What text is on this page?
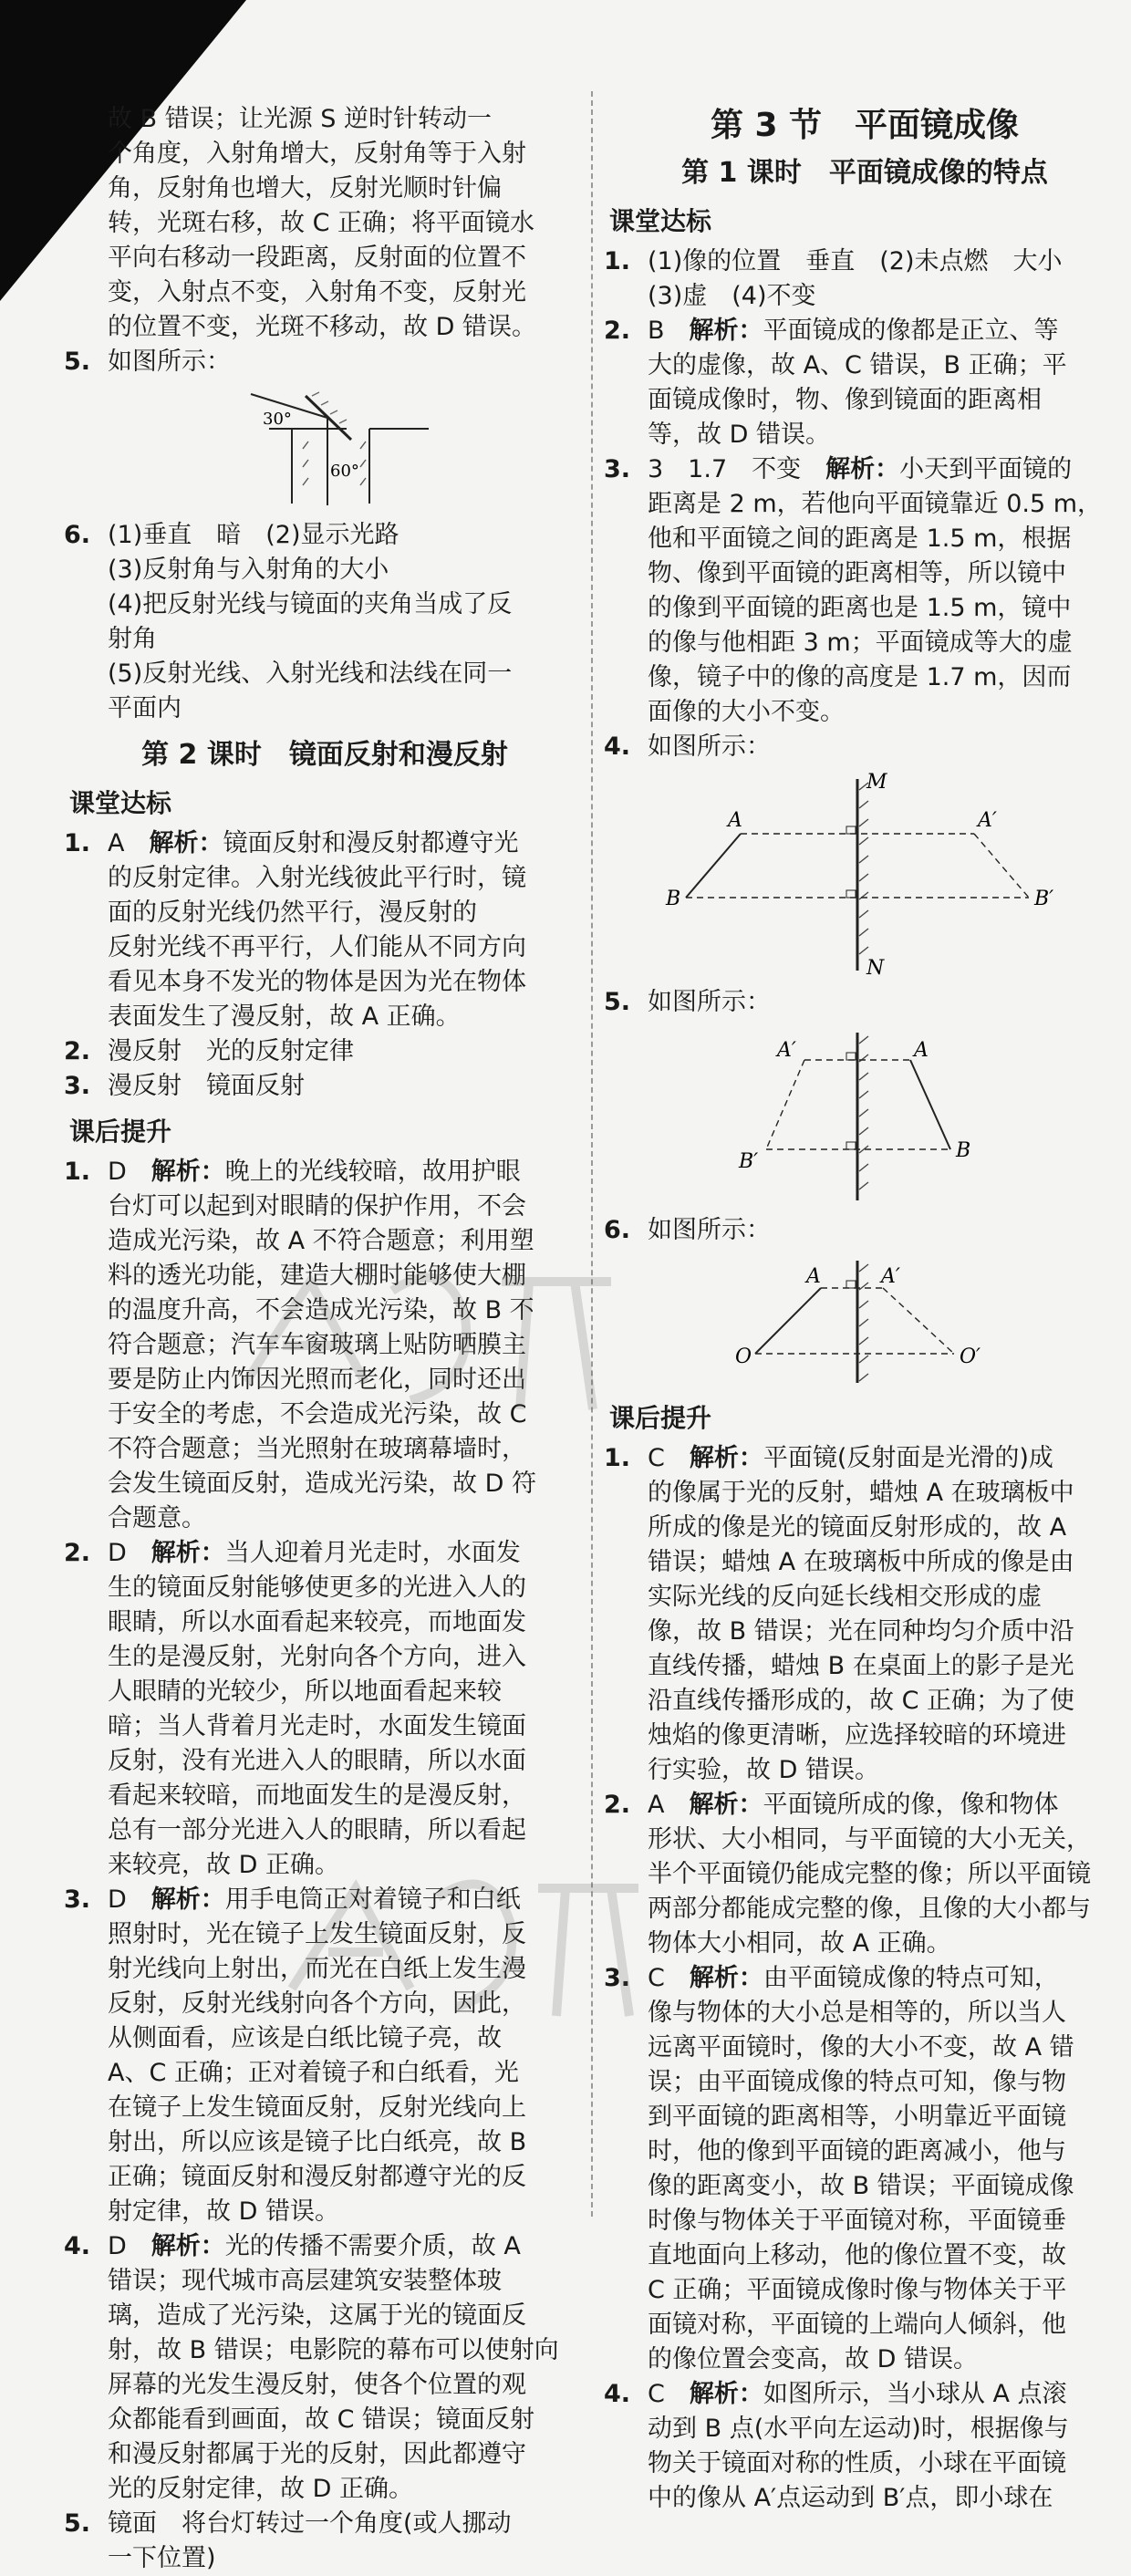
故 B 错误；让光源 S 逆时针转动一
个角度，入射角增大，反射角等于入射
角，反射角也增大，反射光顺时针偏
转，光斑右移，故 C 正确；将平面镜水
平向右移动一段距离，反射面的位置不
变，入射点不变，入射角不变，反射光
的位置不变，光斑不移动，故 D 错误。
5. 如图所示：
30°
60°
6. (1)垂直　暗　(2)显示光路
(3)反射角与入射角的大小
(4)把反射光线与镜面的夹角当成了反
射角
(5)反射光线、入射光线和法线在同一
平面内
第 2 课时　镜面反射和漫反射
课堂达标
1. A　 解析：镜面反射和漫反射都遵守光
的反射定律。入射光线彼此平行时，镜
面的反射光线仍然平行，漫反射的
反射光线不再平行，人们能从不同方向
看见本身不发光的物体是因为光在物体
表面发生了漫反射，故 A 正确。
2. 漫反射　光的反射定律
3. 漫反射　镜面反射
课后提升
1. D　 解析：晚上的光线较暗，故用护眼
台灯可以起到对眼睛的保护作用，不会
造成光污染，故 A 不符合题意；利用塑
料的透光功能，建造大棚时能够使大棚
的温度升高，不会造成光污染，故 B 不
符合题意；汽车车窗玻璃上贴防晒膜主
要是防止内饰因光照而老化，同时还出
于安全的考虑，不会造成光污染，故 C
不符合题意；当光照射在玻璃幕墙时，
会发生镜面反射，造成光污染，故 D 符
合题意。
2. D　 解析：当人迎着月光走时，水面发
生的镜面反射能够使更多的光进入人的
眼睛，所以水面看起来较亮，而地面发
生的是漫反射，光射向各个方向，进入
人眼睛的光较少，所以地面看起来较
暗；当人背着月光走时，水面发生镜面
反射，没有光进入人的眼睛，所以水面
看起来较暗，而地面发生的是漫反射，
总有一部分光进入人的眼睛，所以看起
来较亮，故 D 正确。
3. D　 解析：用手电筒正对着镜子和白纸
照射时，光在镜子上发生镜面反射，反
射光线向上射出，而光在白纸上发生漫
反射，反射光线射向各个方向，因此，
从侧面看，应该是白纸比镜子亮，故
A、C 正确；正对着镜子和白纸看，光
在镜子上发生镜面反射，反射光线向上
射出，所以应该是镜子比白纸亮，故 B
正确；镜面反射和漫反射都遵守光的反
射定律，故 D 错误。
4. D　 解析：光的传播不需要介质，故 A
错误；现代城市高层建筑安装整体玻
璃，造成了光污染，这属于光的镜面反
射，故 B 错误；电影院的幕布可以使射向
屏幕的光发生漫反射，使各个位置的观
众都能看到画面，故 C 错误；镜面反射
和漫反射都属于光的反射，因此都遵守
光的反射定律，故 D 正确。
5. 镜面　将台灯转过一个角度(或人挪动
一下位置)
第 3 节　平面镜成像
第 1 课时　平面镜成像的特点
课堂达标
1. (1)像的位置　垂直　(2)未点燃　大小
(3)虚　(4)不变
2. B　 解析：平面镜成的像都是正立、等
大的虚像，故 A、C 错误，B 正确；平
面镜成像时，物、像到镜面的距离相
等，故 D 错误。
3. 3　1.7　不变　 解析：小天到平面镜的
距离是 2 m，若他向平面镜靠近 0.5 m，
他和平面镜之间的距离是 1.5 m，根据
物、像到平面镜的距离相等，所以镜中
的像到平面镜的距离也是 1.5 m，镜中
的像与他相距 3 m；平面镜成等大的虚
像，镜子中的像的高度是 1.7 m，因而
面像的大小不变。
4. 如图所示：
A	A′
B	B′
M
N
5. 如图所示：
A
A′
B
B′
6. 如图所示：
A	A′
O	O′
课后提升
1. C　 解析：平面镜(反射面是光滑的)成
的像属于光的反射，蜡烛 A 在玻璃板中
所成的像是光的镜面反射形成的，故 A
错误；蜡烛 A 在玻璃板中所成的像是由
实际光线的反向延长线相交形成的虚
像，故 B 错误；光在同种均匀介质中沿
直线传播，蜡烛 B 在桌面上的影子是光
沿直线传播形成的，故 C 正确；为了使
烛焰的像更清晰，应选择较暗的环境进
行实验，故 D 错误。
2. A　 解析：平面镜所成的像，像和物体
形状、大小相同，与平面镜的大小无关，
半个平面镜仍能成完整的像；所以平面镜
两部分都能成完整的像，且像的大小都与
物体大小相同，故 A 正确。
3. C　 解析：由平面镜成像的特点可知，
像与物体的大小总是相等的，所以当人
远离平面镜时，像的大小不变，故 A 错
误；由平面镜成像的特点可知，像与物
到平面镜的距离相等，小明靠近平面镜
时，他的像到平面镜的距离减小，他与
像的距离变小，故 B 错误；平面镜成像
时像与物体关于平面镜对称，平面镜垂
直地面向上移动，他的像位置不变，故
C 正确；平面镜成像时像与物体关于平
面镜对称，平面镜的上端向人倾斜，他
的像位置会变高，故 D 错误。
4. C　 解析：如图所示，当小球从 A 点滚
动到 B 点(水平向左运动)时，根据像与
物关于镜面对称的性质，小球在平面镜
中的像从 A′点运动到 B′点，即小球在
